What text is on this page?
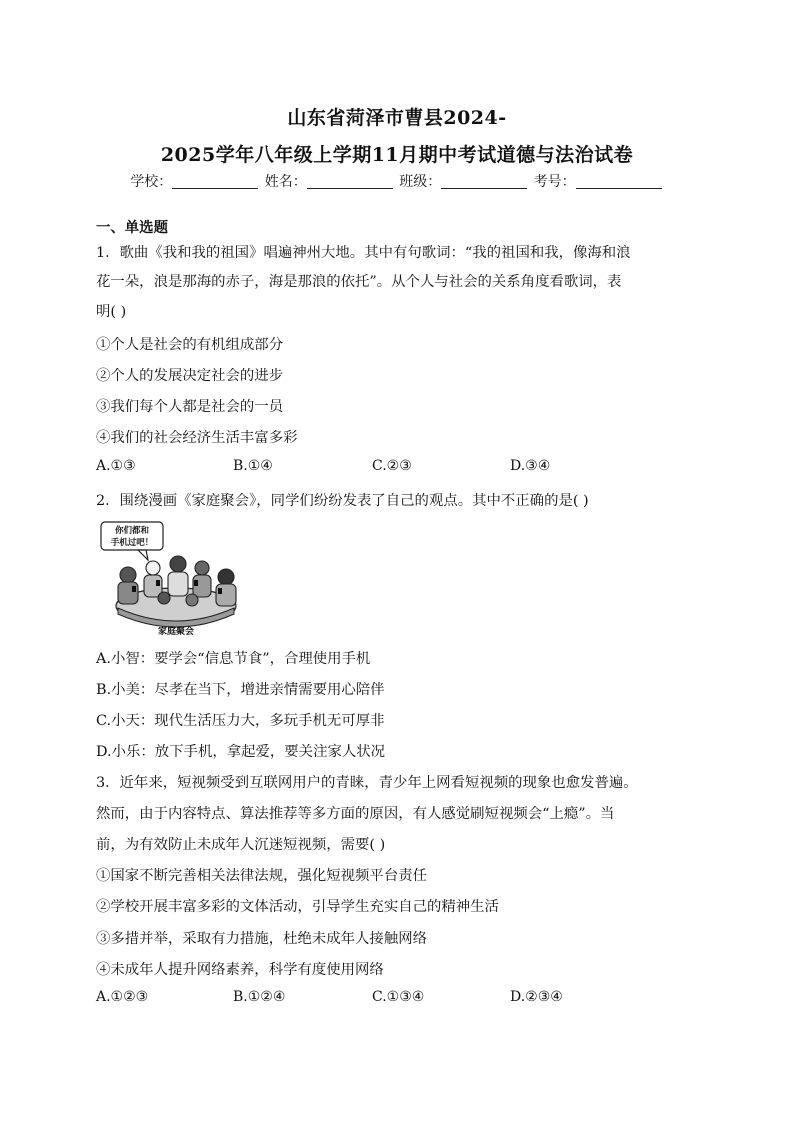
山东省菏泽市曹县2024-
2025学年八年级上学期11月期中考试道德与法治试卷
学校：	姓名：	班级：	考号：
一、单选题
1．歌曲《我和我的祖国》唱遍神州大地。其中有句歌词：“我的祖国和我，像海和浪
花一朵，浪是那海的赤子，海是那浪的依托”。从个人与社会的关系角度看歌词，表
明( )
①个人是社会的有机组成部分
②个人的发展决定社会的进步
③我们每个人都是社会的一员
④我们的社会经济生活丰富多彩
A.①③	B.①④	C.②③	D.③④
2．围绕漫画《家庭聚会》，同学们纷纷发表了自己的观点。其中不正确的是( )
你们都和
手机过吧！
家庭聚会
A.小智：要学会“信息节食”，合理使用手机
B.小美：尽孝在当下，增进亲情需要用心陪伴
C.小天：现代生活压力大，多玩手机无可厚非
D.小乐：放下手机，拿起爱，要关注家人状况
3．近年来，短视频受到互联网用户的青睐，青少年上网看短视频的现象也愈发普遍。
然而，由于内容特点、算法推荐等多方面的原因，有人感觉刷短视频会“上瘾”。当
前，为有效防止未成年人沉迷短视频，需要( )
①国家不断完善相关法律法规，强化短视频平台责任
②学校开展丰富多彩的文体活动，引导学生充实自己的精神生活
③多措并举，采取有力措施，杜绝未成年人接触网络
④未成年人提升网络素养，科学有度使用网络
A.①②③	B.①②④	C.①③④	D.②③④
